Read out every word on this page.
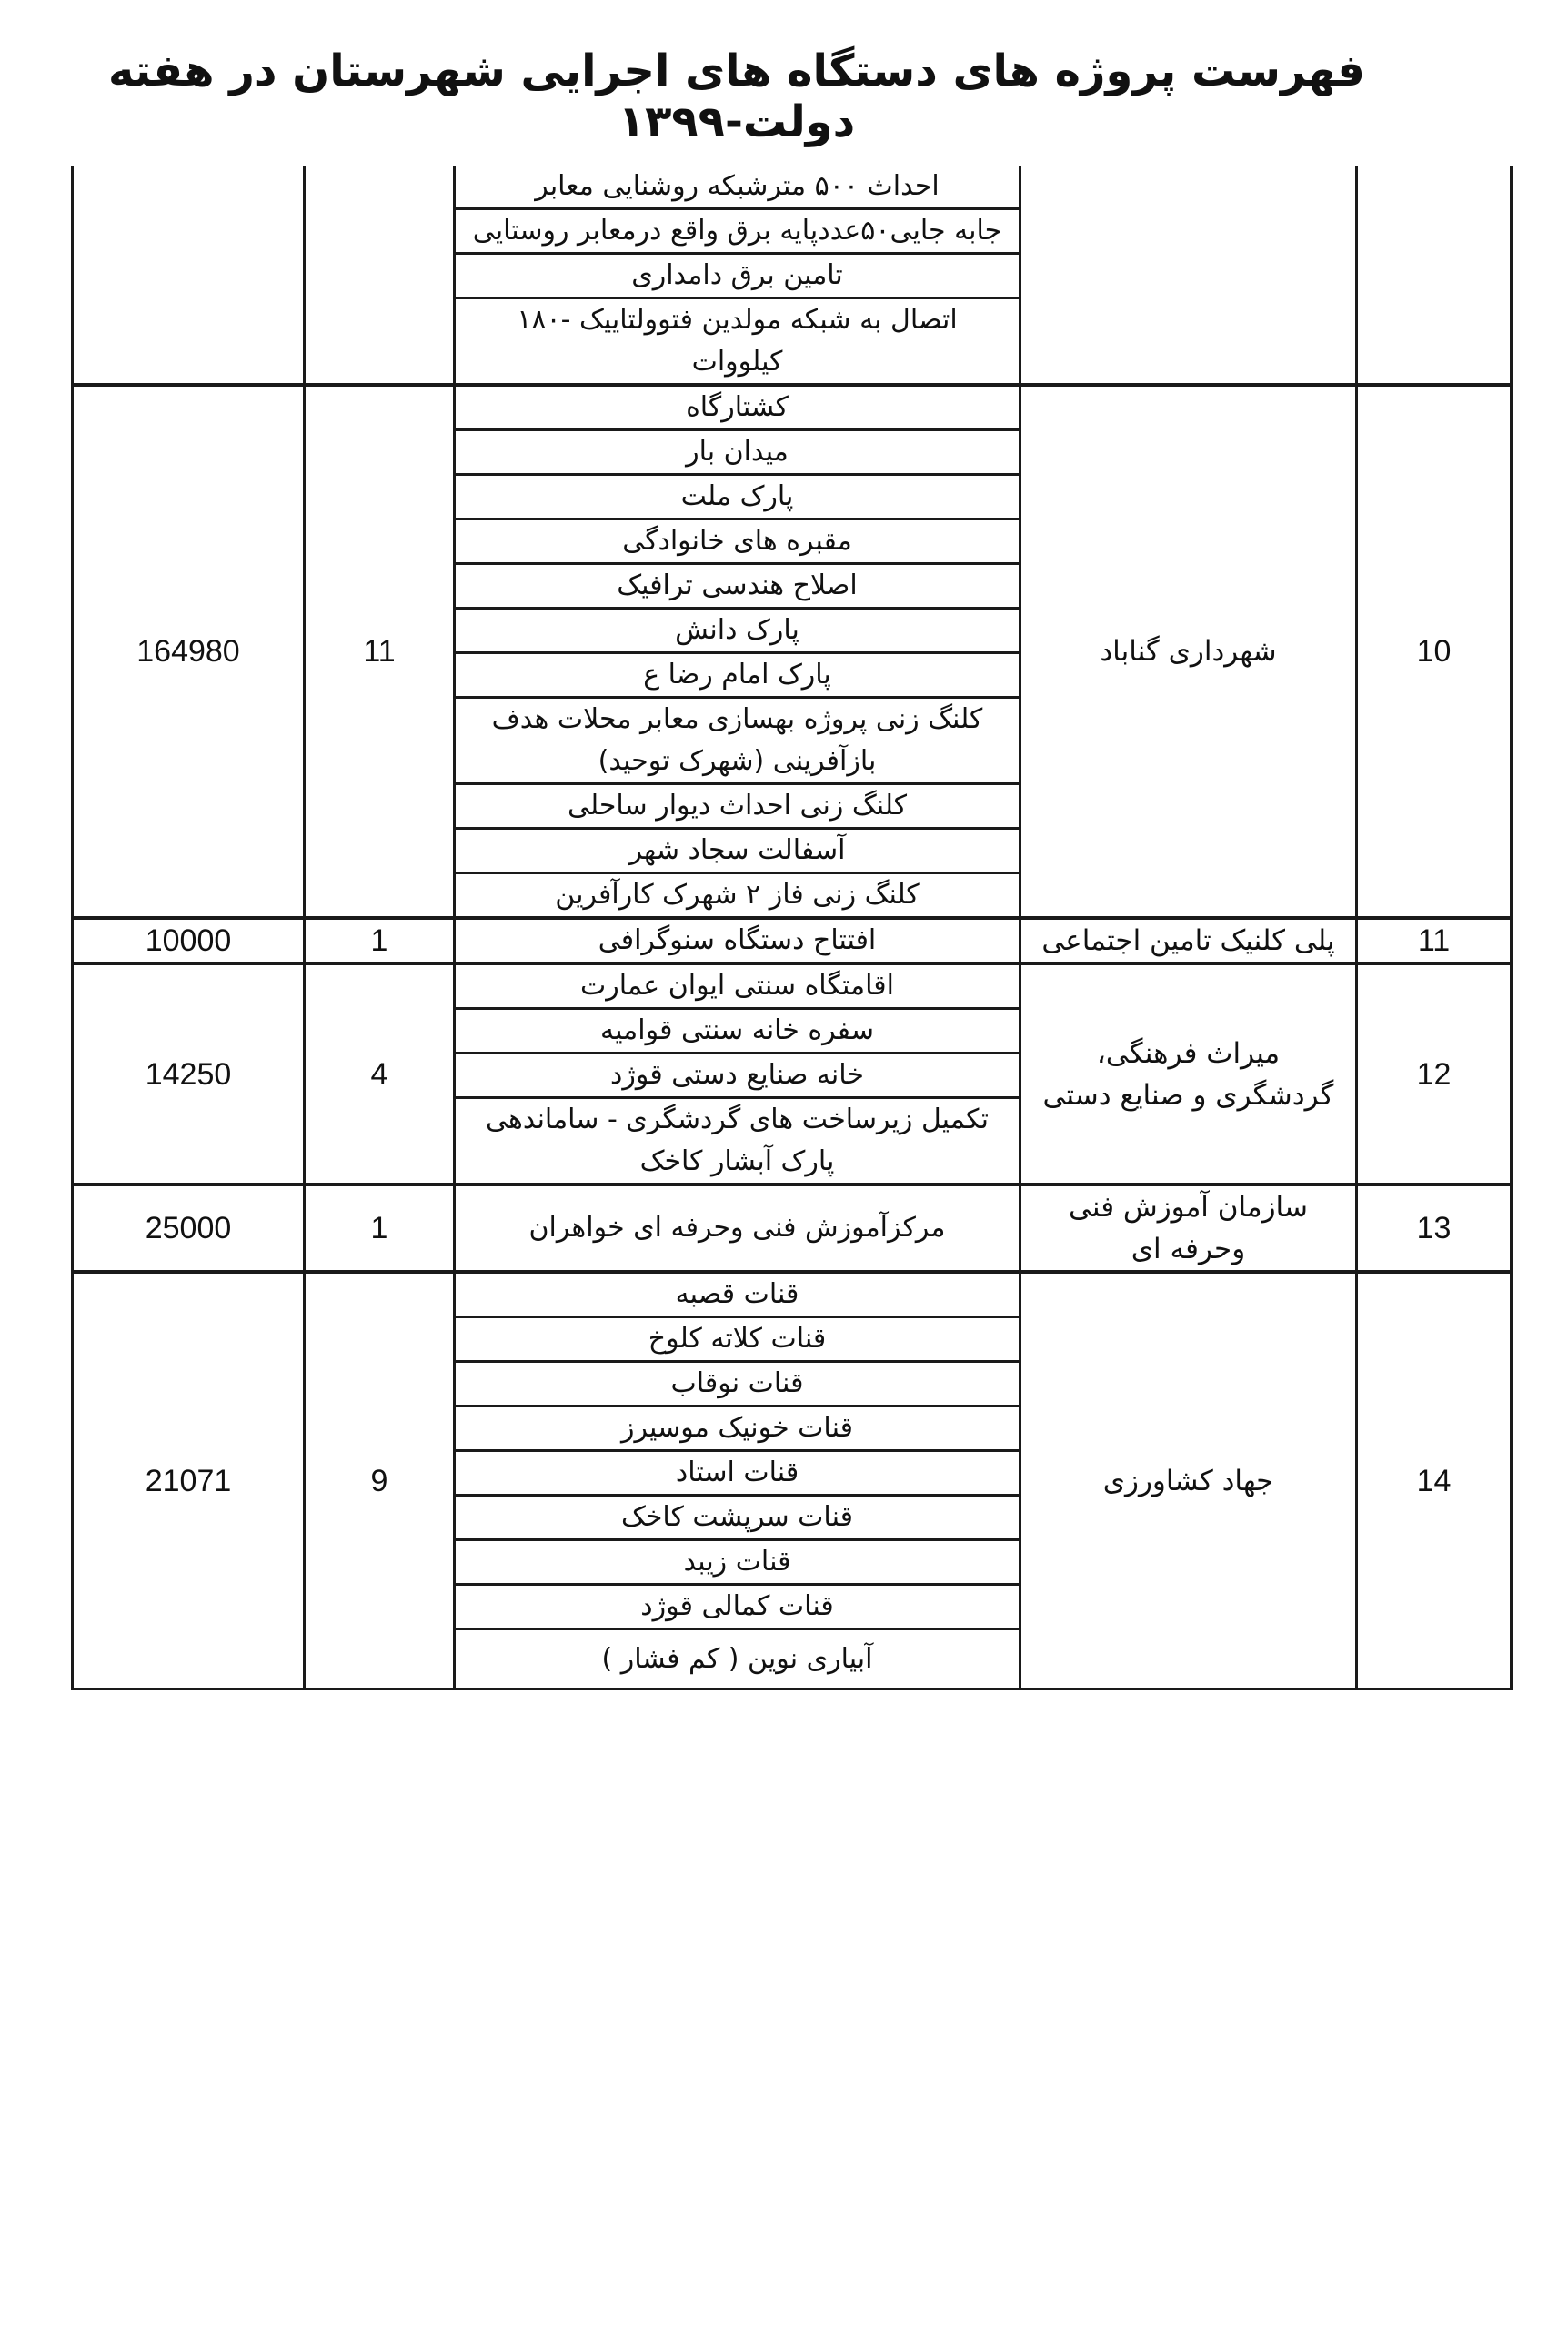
فهرست پروژه های دستگاه های اجرایی شهرستان در هفته دولت-۱۳۹۹
		احداث ۵۰۰ مترشبکه روشنایی معابر		
		جابه جایی۵۰عددپایه برق واقع درمعابر روستایی		
		تامین برق دامداری		
		اتصال به شبکه مولدین فتوولتاییک -۱۸۰ کیلووات		
10	شهرداری گناباد	کشتارگاه	11	164980
		میدان بار		
		پارک ملت		
		مقبره های خانوادگی		
		اصلاح هندسی ترافیک		
		پارک دانش		
		پارک امام رضا ع		
		کلنگ زنی پروژه بهسازی معابر محلات هدف بازآفرینی (شهرک توحید)		
		کلنگ زنی احداث دیوار ساحلی		
		آسفالت سجاد شهر		
		کلنگ زنی فاز ۲ شهرک کارآفرین		
11	پلی کلنیک تامین اجتماعی	افتتاح دستگاه سنوگرافی	1	10000
12	میراث فرهنگی، گردشگری و صنایع دستی	اقامتگاه سنتی ایوان عمارت	4	14250
		سفره خانه سنتی قوامیه		
		خانه صنایع دستی قوژد		
		تکمیل زیرساخت های گردشگری - ساماندهی پارک آبشار کاخک		
13	سازمان آموزش فنی وحرفه ای	مرکزآموزش فنی وحرفه ای خواهران	1	25000
14	جهاد کشاورزی	قنات قصبه	9	21071
		قنات کلاته کلوخ		
		قنات نوقاب		
		قنات خونیک موسیرز		
		قنات استاد		
		قنات سرپشت کاخک		
		قنات زیبد		
		قنات کمالی قوژد		
		آبیاری نوین ( کم فشار )		
